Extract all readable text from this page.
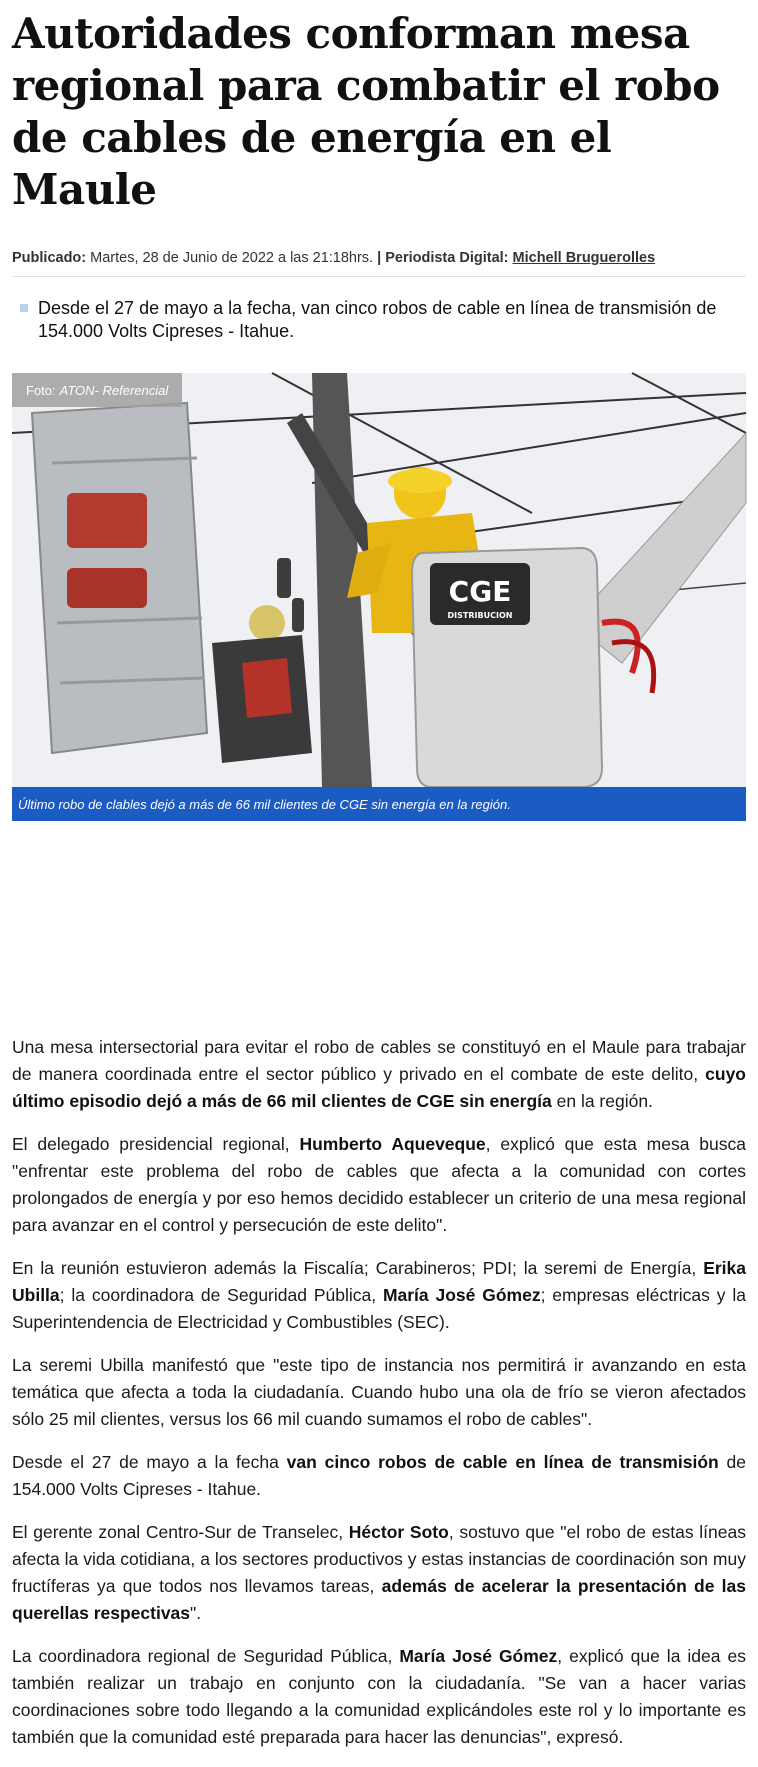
Autoridades conforman mesa regional para combatir el robo de cables de energía en el Maule
Publicado: Martes, 28 de Junio de 2022 a las 21:18hrs. | Periodista Digital: Michell Bruguerolles
Desde el 27 de mayo a la fecha, van cinco robos de cable en línea de transmisión de 154.000 Volts Cipreses - Itahue.
CGE
DISTRIBUCION
Foto: ATON- Referencial
Último robo de clables dejó a más de 66 mil clientes de CGE sin energía en la región.

Una mesa intersectorial para evitar el robo de cables se constituyó en el Maule para trabajar de manera coordinada entre el sector público y privado en el combate de este delito, cuyo último episodio dejó a más de 66 mil clientes de CGE sin energía en la región.

El delegado presidencial regional, Humberto Aqueveque, explicó que esta mesa busca "enfrentar este problema del robo de cables que afecta a la comunidad con cortes prolongados de energía y por eso hemos decidido establecer un criterio de una mesa regional para avanzar en el control y persecución de este delito".

En la reunión estuvieron además la Fiscalía; Carabineros; PDI; la seremi de Energía, Erika Ubilla; la coordinadora de Seguridad Pública, María José Gómez; empresas eléctricas y la Superintendencia de Electricidad y Combustibles (SEC).

La seremi Ubilla manifestó que "este tipo de instancia nos permitirá ir avanzando en esta temática que afecta a toda la ciudadanía. Cuando hubo una ola de frío se vieron afectados sólo 25 mil clientes, versus los 66 mil cuando sumamos el robo de cables".

Desde el 27 de mayo a la fecha van cinco robos de cable en línea de transmisión de 154.000 Volts Cipreses - Itahue.

El gerente zonal Centro-Sur de Transelec, Héctor Soto, sostuvo que "el robo de estas líneas afecta la vida cotidiana, a los sectores productivos y estas instancias de coordinación son muy fructíferas ya que todos nos llevamos tareas, además de acelerar la presentación de las querellas respectivas".

La coordinadora regional de Seguridad Pública, María José Gómez, explicó que la idea es también realizar un trabajo en conjunto con la ciudadanía. "Se van a hacer varias coordinaciones sobre todo llegando a la comunidad explicándoles este rol y lo importante es también que la comunidad esté preparada para hacer las denuncias", expresó.
